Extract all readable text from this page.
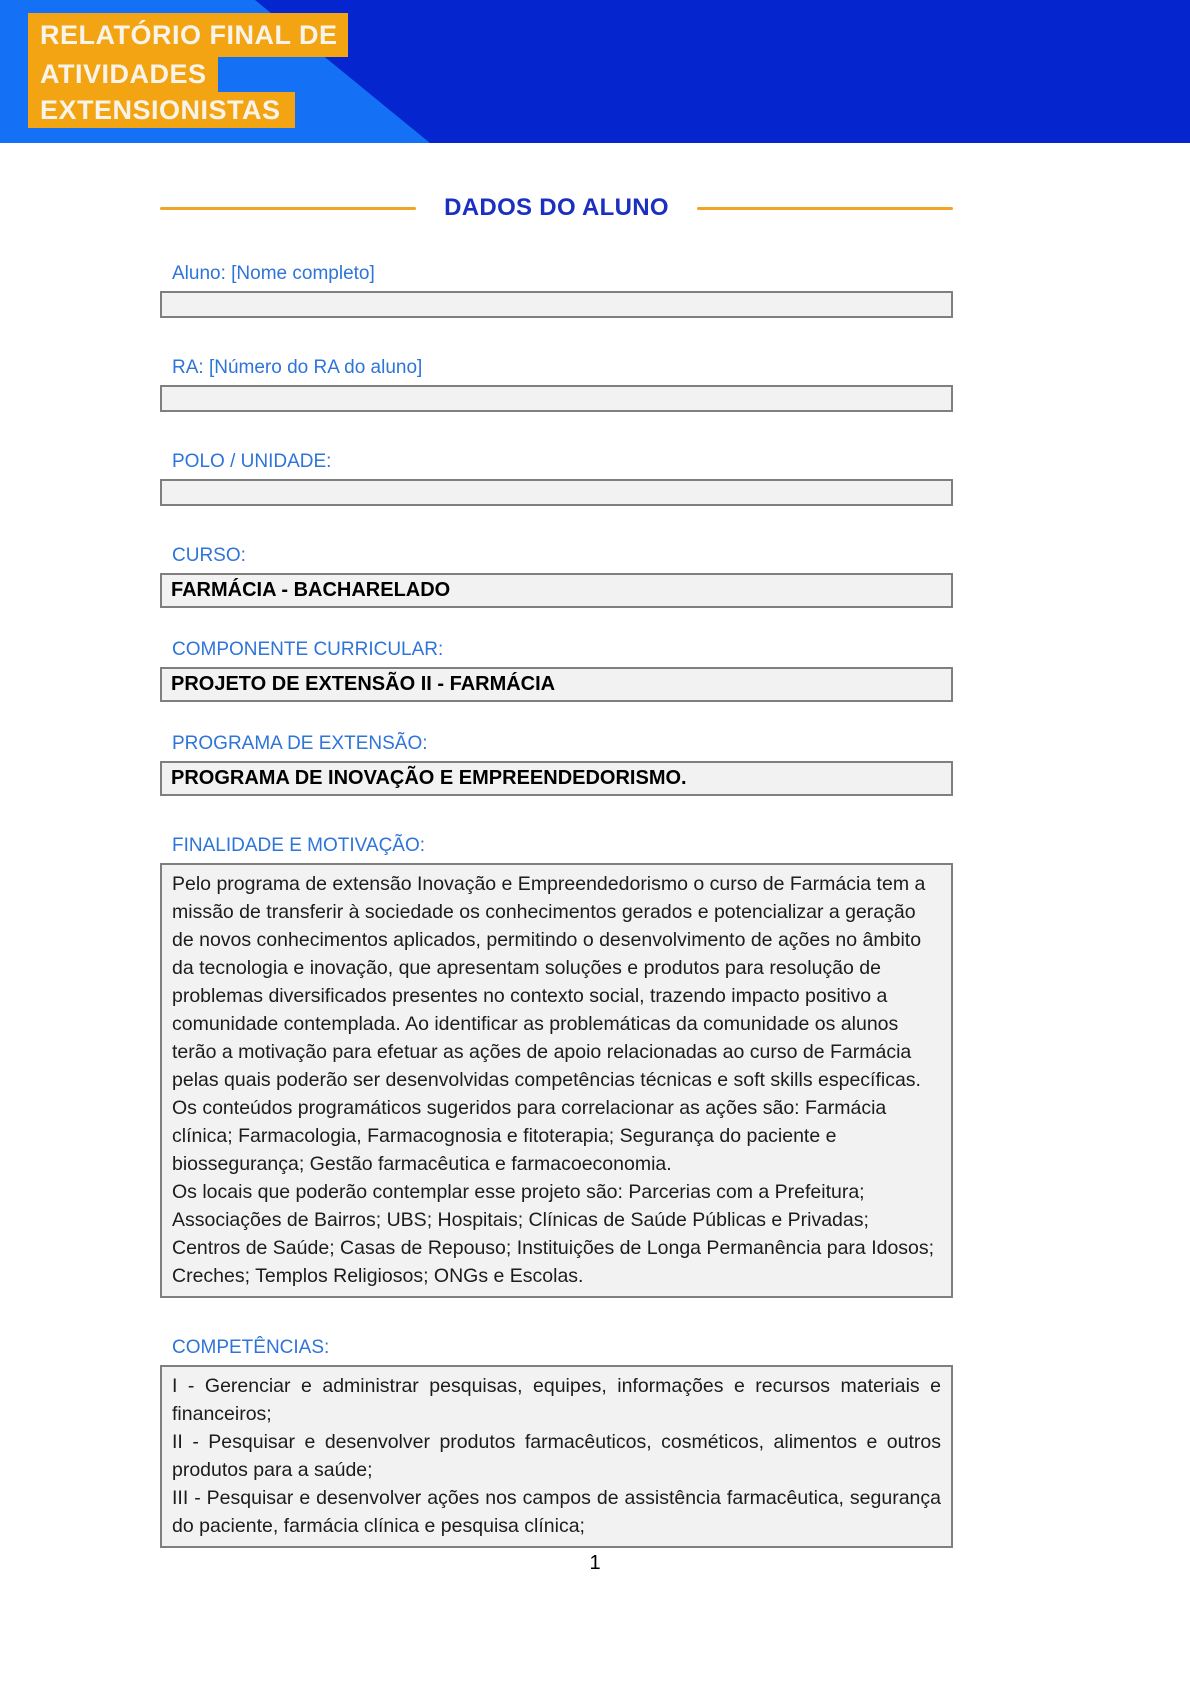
RELATÓRIO FINAL DE
ATIVIDADES
EXTENSIONISTAS
DADOS DO ALUNO
Aluno: [Nome completo]
RA: [Número do RA do aluno]
POLO / UNIDADE:
CURSO:
FARMÁCIA - BACHARELADO
COMPONENTE CURRICULAR:
PROJETO DE EXTENSÃO II - FARMÁCIA
PROGRAMA DE EXTENSÃO:
PROGRAMA DE INOVAÇÃO E EMPREENDEDORISMO.
FINALIDADE E MOTIVAÇÃO:

Pelo programa de extensão Inovação e Empreendedorismo o curso de Farmácia tem a missão de transferir à sociedade os conhecimentos gerados e potencializar a geração de novos conhecimentos aplicados, permitindo o desenvolvimento de ações no âmbito da tecnologia e inovação, que apresentam soluções e produtos para resolução de problemas diversificados presentes no contexto social, trazendo impacto positivo a comunidade contemplada. Ao identificar as problemáticas da comunidade os alunos terão a motivação para efetuar as ações de apoio relacionadas ao curso de Farmácia pelas quais poderão ser desenvolvidas competências técnicas e soft skills específicas. Os conteúdos programáticos sugeridos para correlacionar as ações são: Farmácia clínica; Farmacologia, Farmacognosia e fitoterapia; Segurança do paciente e biossegurança; Gestão farmacêutica e farmacoeconomia.

Os locais que poderão contemplar esse projeto são: Parcerias com a Prefeitura; Associações de Bairros; UBS; Hospitais; Clínicas de Saúde Públicas e Privadas; Centros de Saúde; Casas de Repouso; Instituições de Longa Permanência para Idosos; Creches; Templos Religiosos; ONGs e Escolas.

COMPETÊNCIAS:

I - Gerenciar e administrar pesquisas, equipes, informações e recursos materiais e financeiros;

II - Pesquisar e desenvolver produtos farmacêuticos, cosméticos, alimentos e outros produtos para a saúde;

III - Pesquisar e desenvolver ações nos campos de assistência farmacêutica, segurança do paciente, farmácia clínica e pesquisa clínica;

1
